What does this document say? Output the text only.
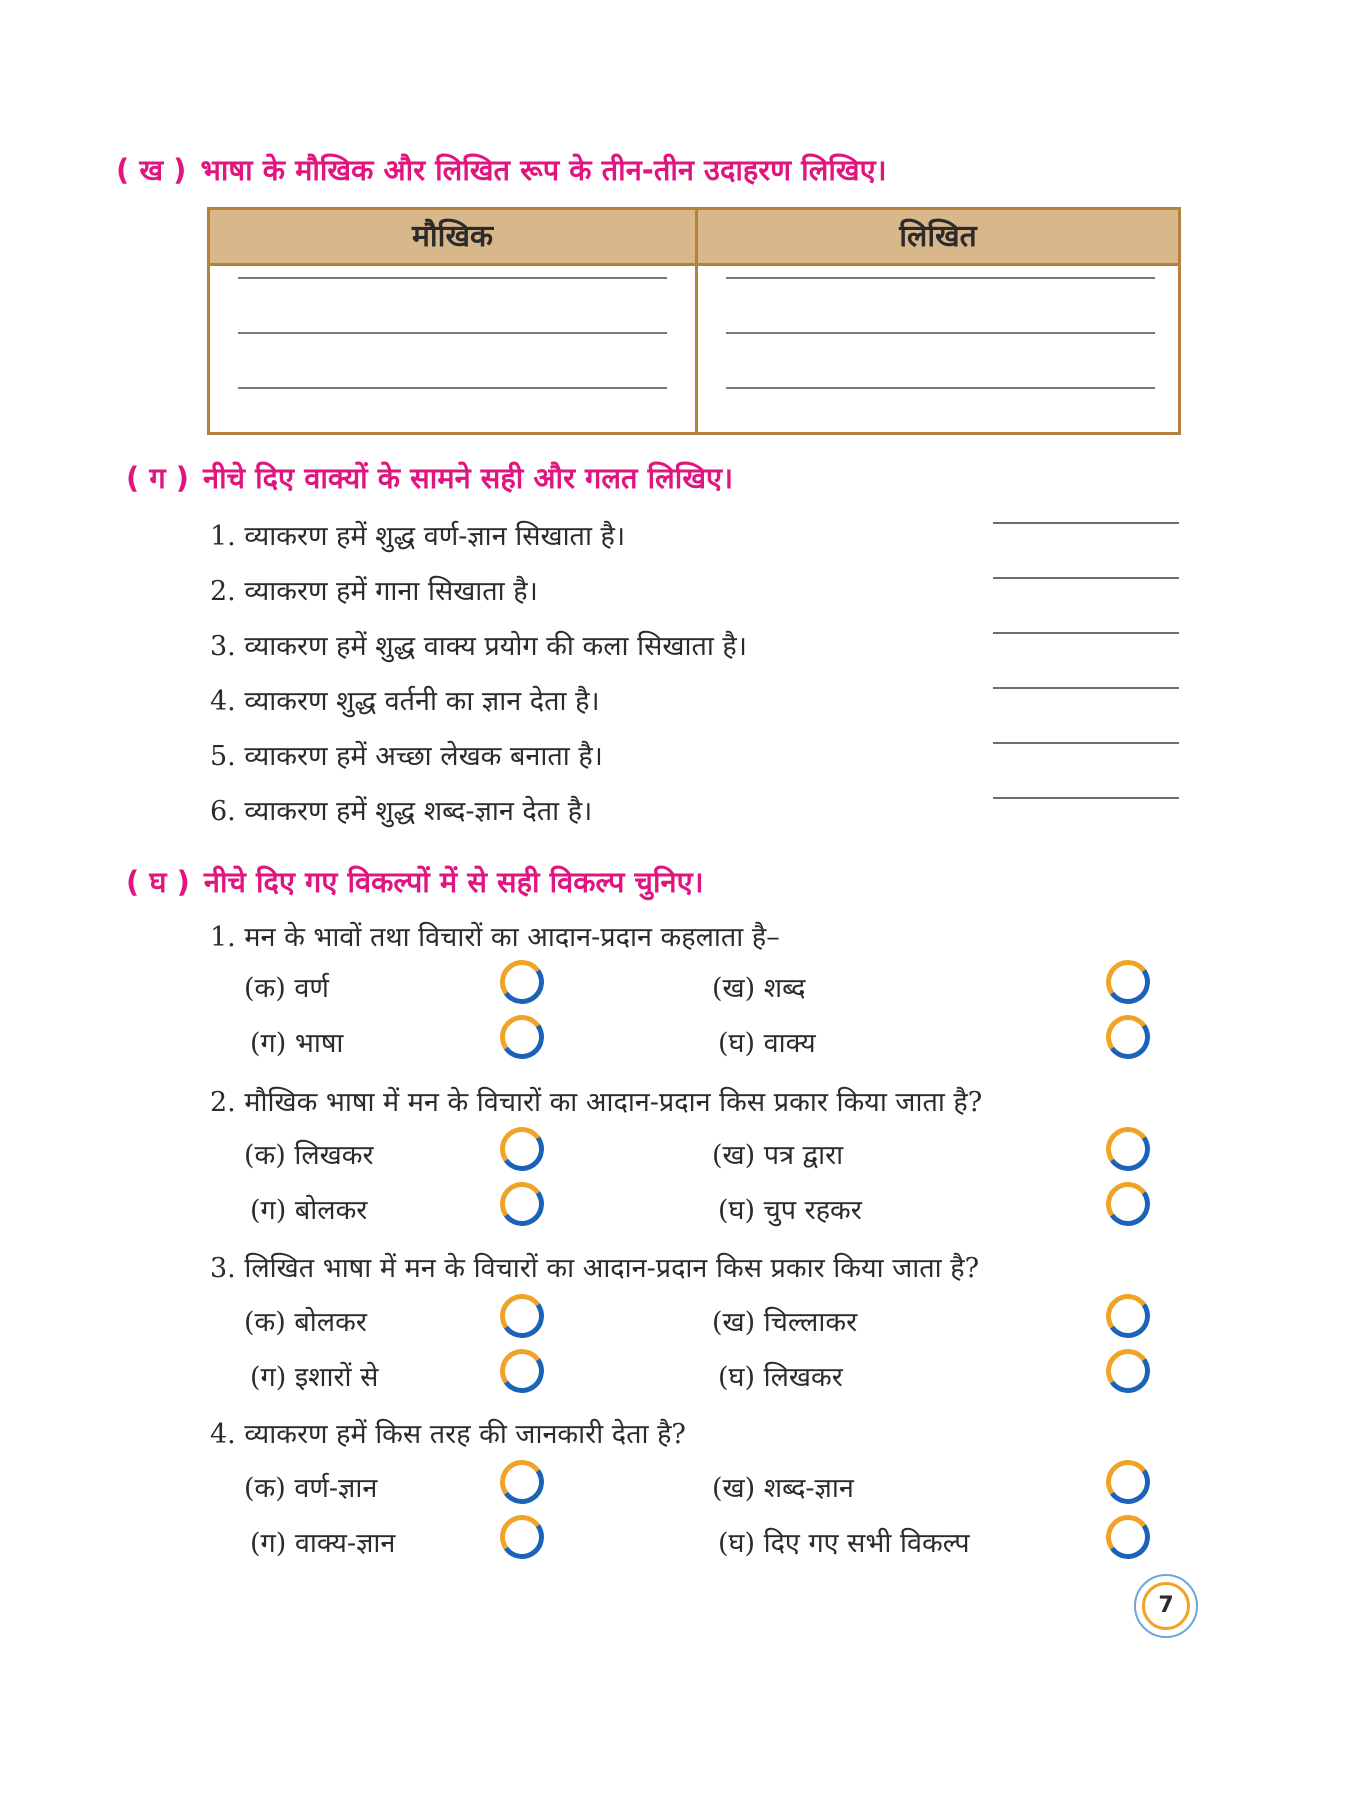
( ख ) भाषा के मौखिक और लिखित रूप के तीन-तीन उदाहरण लिखिए।
मौखिक	लिखित
( ग ) नीचे दिए वाक्यों के सामने सही और गलत लिखिए।
1. व्याकरण हमें शुद्ध वर्ण-ज्ञान सिखाता है।
2. व्याकरण हमें गाना सिखाता है।
3. व्याकरण हमें शुद्ध वाक्य प्रयोग की कला सिखाता है।
4. व्याकरण शुद्ध वर्तनी का ज्ञान देता है।
5. व्याकरण हमें अच्छा लेखक बनाता है।
6. व्याकरण हमें शुद्ध शब्द-ज्ञान देता है।
( घ ) नीचे दिए गए विकल्पों में से सही विकल्प चुनिए।
1. मन के भावों तथा विचारों का आदान-प्रदान कहलाता है–
(क) वर्ण	(ख) शब्द
(ग) भाषा	(घ) वाक्य
2. मौखिक भाषा में मन के विचारों का आदान-प्रदान किस प्रकार किया जाता है?
(क) लिखकर	(ख) पत्र द्वारा
(ग) बोलकर	(घ) चुप रहकर
3. लिखित भाषा में मन के विचारों का आदान-प्रदान किस प्रकार किया जाता है?
(क) बोलकर	(ख) चिल्लाकर
(ग) इशारों से	(घ) लिखकर
4. व्याकरण हमें किस तरह की जानकारी देता है?
(क) वर्ण-ज्ञान	(ख) शब्द-ज्ञान
(ग) वाक्य-ज्ञान	(घ) दिए गए सभी विकल्प
7
